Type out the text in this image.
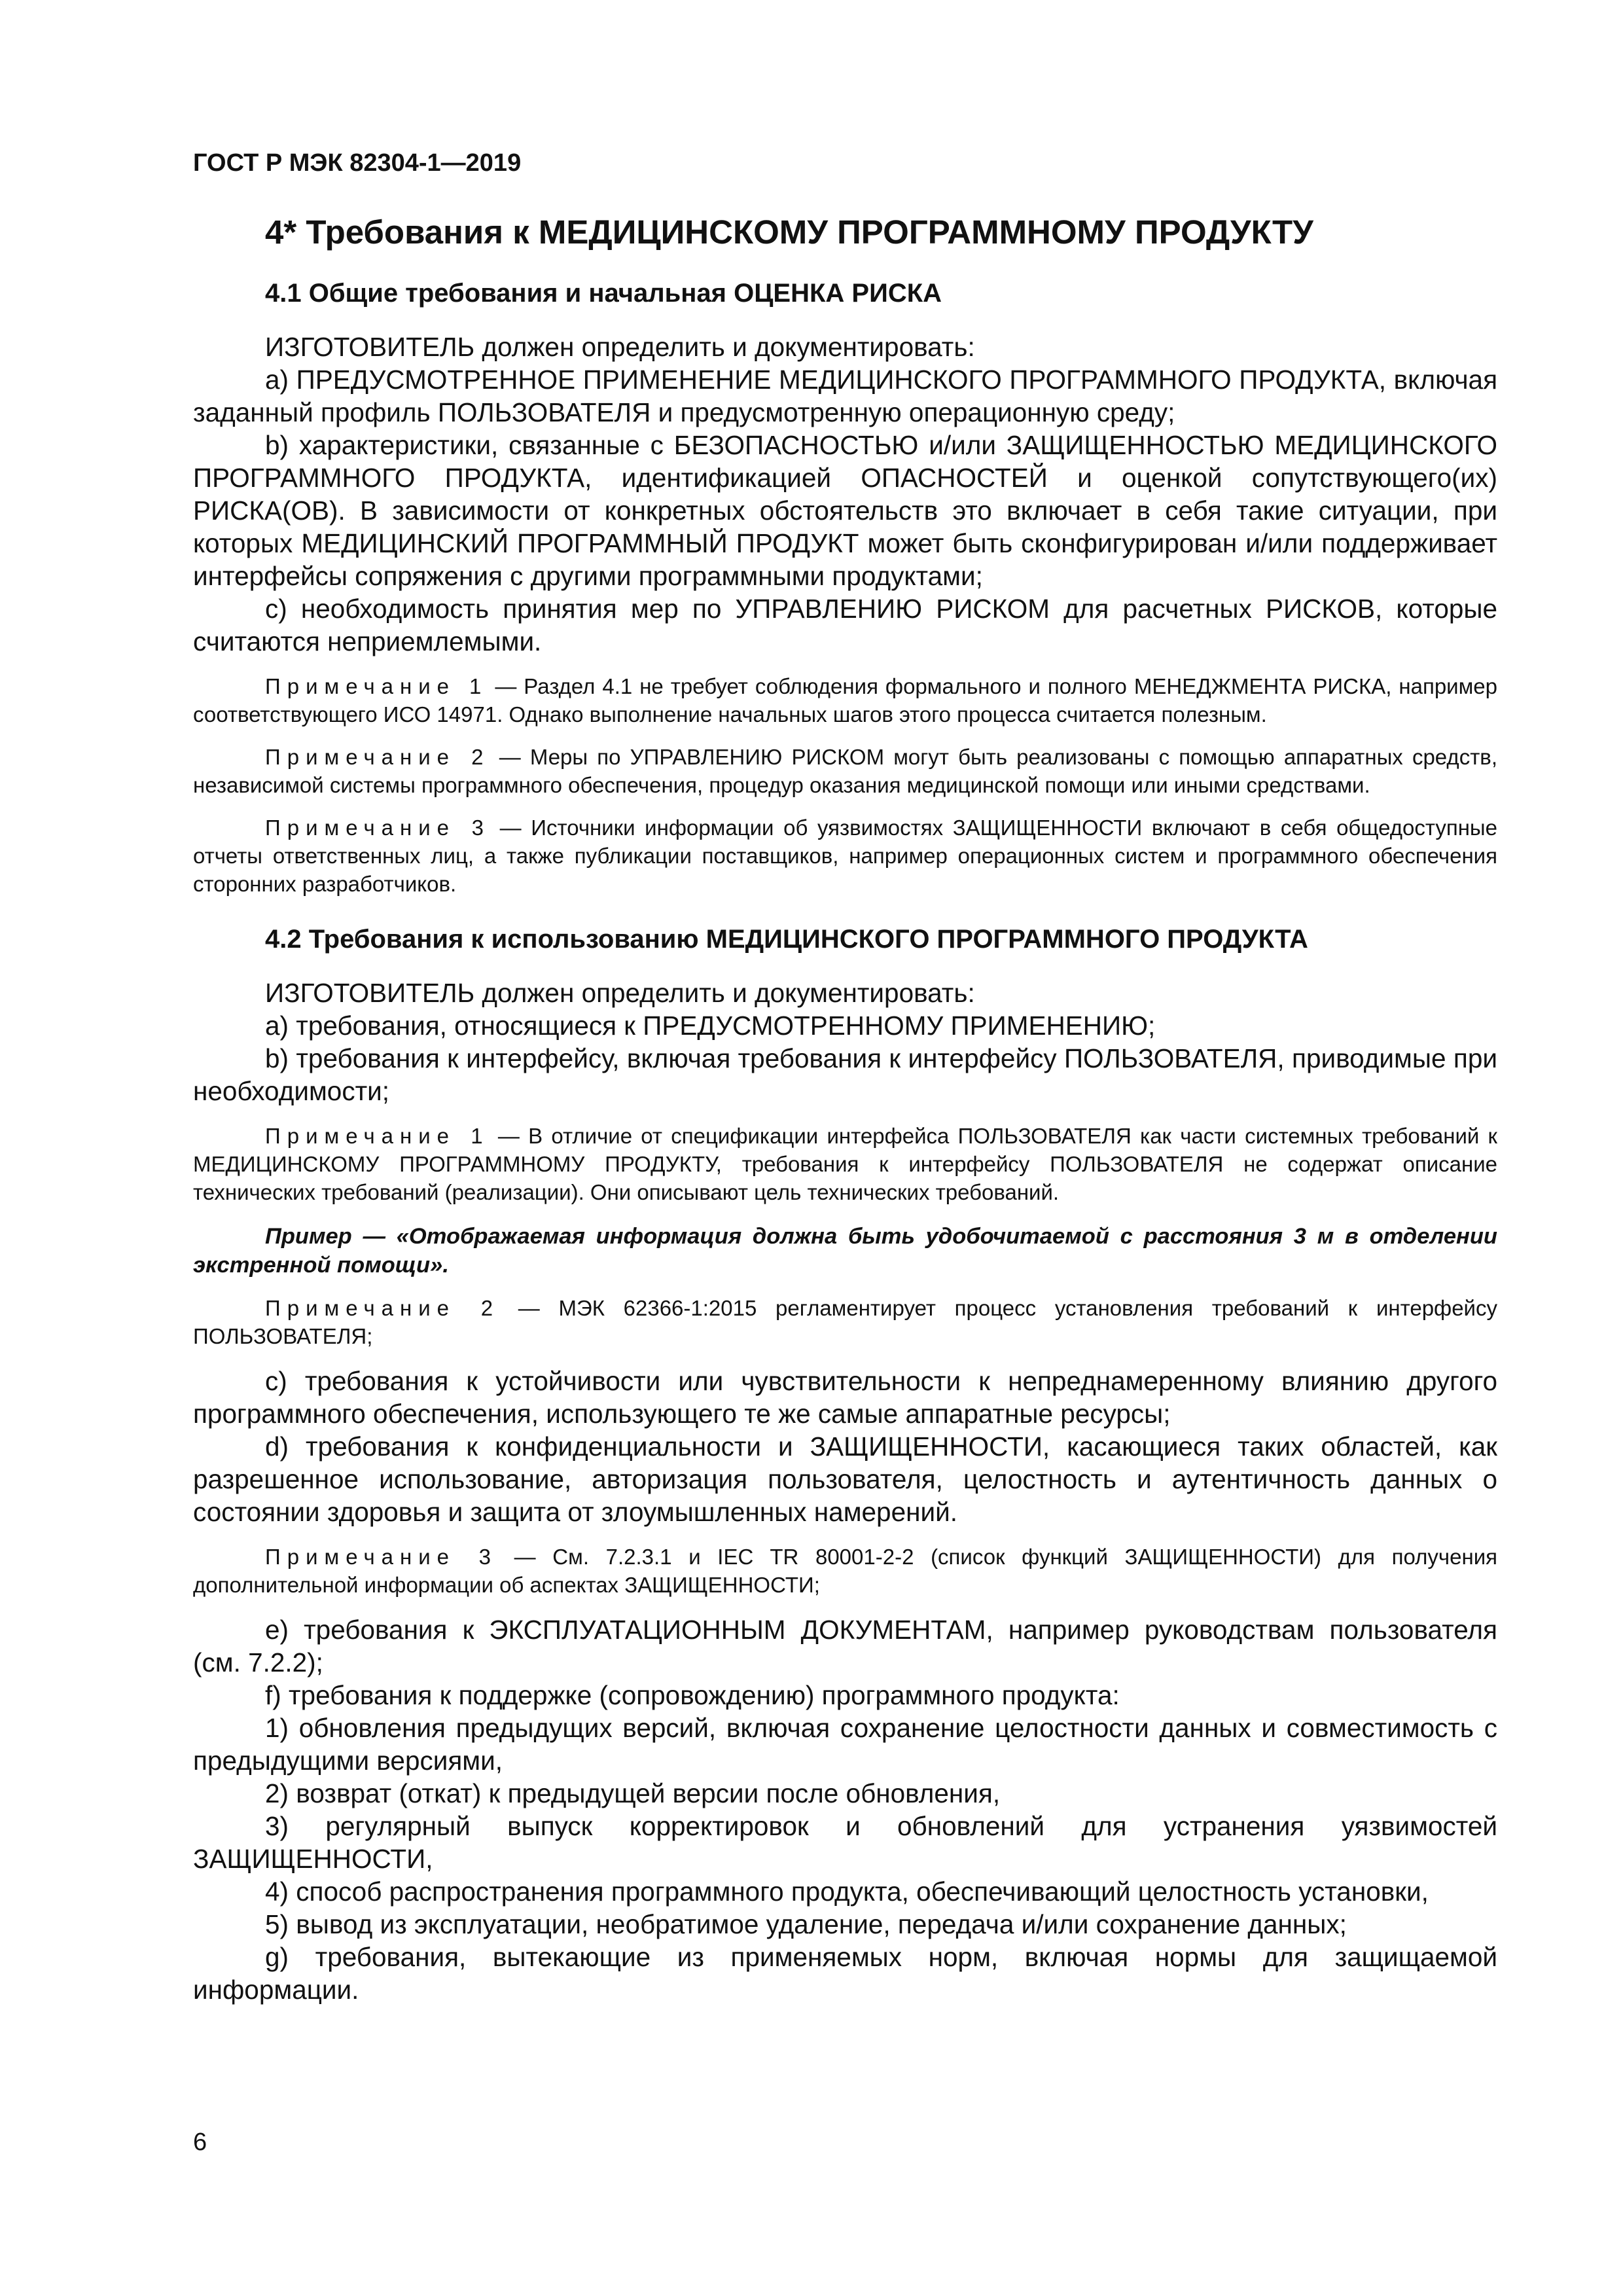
ГОСТ Р МЭК 82304-1—2019
4* Требования к МЕДИЦИНСКОМУ ПРОГРАММНОМУ ПРОДУКТУ
4.1 Общие требования и начальная ОЦЕНКА РИСКА

ИЗГОТОВИТЕЛЬ должен определить и документировать:

a) ПРЕДУСМОТРЕННОЕ ПРИМЕНЕНИЕ МЕДИЦИНСКОГО ПРОГРАММНОГО ПРОДУКТА, включая заданный профиль ПОЛЬЗОВАТЕЛЯ и предусмотренную операционную среду;

b) характеристики, связанные с БЕЗОПАСНОСТЬЮ и/или ЗАЩИЩЕННОСТЬЮ МЕДИЦИНСКОГО ПРОГРАММНОГО ПРОДУКТА, идентификацией ОПАСНОСТЕЙ и оценкой сопутствующего(их) РИСКА(ОВ). В зависимости от конкретных обстоятельств это включает в себя такие ситуации, при которых МЕДИЦИНСКИЙ ПРОГРАММНЫЙ ПРОДУКТ может быть сконфигурирован и/или поддерживает интерфейсы сопряжения с другими программными продуктами;

c) необходимость принятия мер по УПРАВЛЕНИЮ РИСКОМ для расчетных РИСКОВ, которые считаются неприемлемыми.

Примечание 1 — Раздел 4.1 не требует соблюдения формального и полного МЕНЕДЖМЕНТА РИСКА, например соответствующего ИСО 14971. Однако выполнение начальных шагов этого процесса считается полезным.

Примечание 2 — Меры по УПРАВЛЕНИЮ РИСКОМ могут быть реализованы с помощью аппаратных средств, независимой системы программного обеспечения, процедур оказания медицинской помощи или иными средствами.

Примечание 3 — Источники информации об уязвимостях ЗАЩИЩЕННОСТИ включают в себя общедоступные отчеты ответственных лиц, а также публикации поставщиков, например операционных систем и программного обеспечения сторонних разработчиков.

4.2 Требования к использованию МЕДИЦИНСКОГО ПРОГРАММНОГО ПРОДУКТА

ИЗГОТОВИТЕЛЬ должен определить и документировать:

a) требования, относящиеся к ПРЕДУСМОТРЕННОМУ ПРИМЕНЕНИЮ;

b) требования к интерфейсу, включая требования к интерфейсу ПОЛЬЗОВАТЕЛЯ, приводимые при необходимости;

Примечание 1 — В отличие от спецификации интерфейса ПОЛЬЗОВАТЕЛЯ как части системных требований к МЕДИЦИНСКОМУ ПРОГРАММНОМУ ПРОДУКТУ, требования к интерфейсу ПОЛЬЗОВАТЕЛЯ не содержат описание технических требований (реализации). Они описывают цель технических требований.

Пример — «Отображаемая информация должна быть удобочитаемой с расстояния 3 м в отделении экстренной помощи».

Примечание 2 — МЭК 62366-1:2015 регламентирует процесс установления требований к интерфейсу ПОЛЬЗОВАТЕЛЯ;

c) требования к устойчивости или чувствительности к непреднамеренному влиянию другого программного обеспечения, использующего те же самые аппаратные ресурсы;

d) требования к конфиденциальности и ЗАЩИЩЕННОСТИ, касающиеся таких областей, как разрешенное использование, авторизация пользователя, целостность и аутентичность данных о состоянии здоровья и защита от злоумышленных намерений.

Примечание 3 — См. 7.2.3.1 и IEC TR 80001-2-2 (список функций ЗАЩИЩЕННОСТИ) для получения дополнительной информации об аспектах ЗАЩИЩЕННОСТИ;

e) требования к ЭКСПЛУАТАЦИОННЫМ ДОКУМЕНТАМ, например руководствам пользователя (см. 7.2.2);

f) требования к поддержке (сопровождению) программного продукта:

1) обновления предыдущих версий, включая сохранение целостности данных и совместимость с предыдущими версиями,

2) возврат (откат) к предыдущей версии после обновления,

3) регулярный выпуск корректировок и обновлений для устранения уязвимостей ЗАЩИЩЕННОСТИ,

4) способ распространения программного продукта, обеспечивающий целостность установки,

5) вывод из эксплуатации, необратимое удаление, передача и/или сохранение данных;

g) требования, вытекающие из применяемых норм, включая нормы для защищаемой информации.

6
